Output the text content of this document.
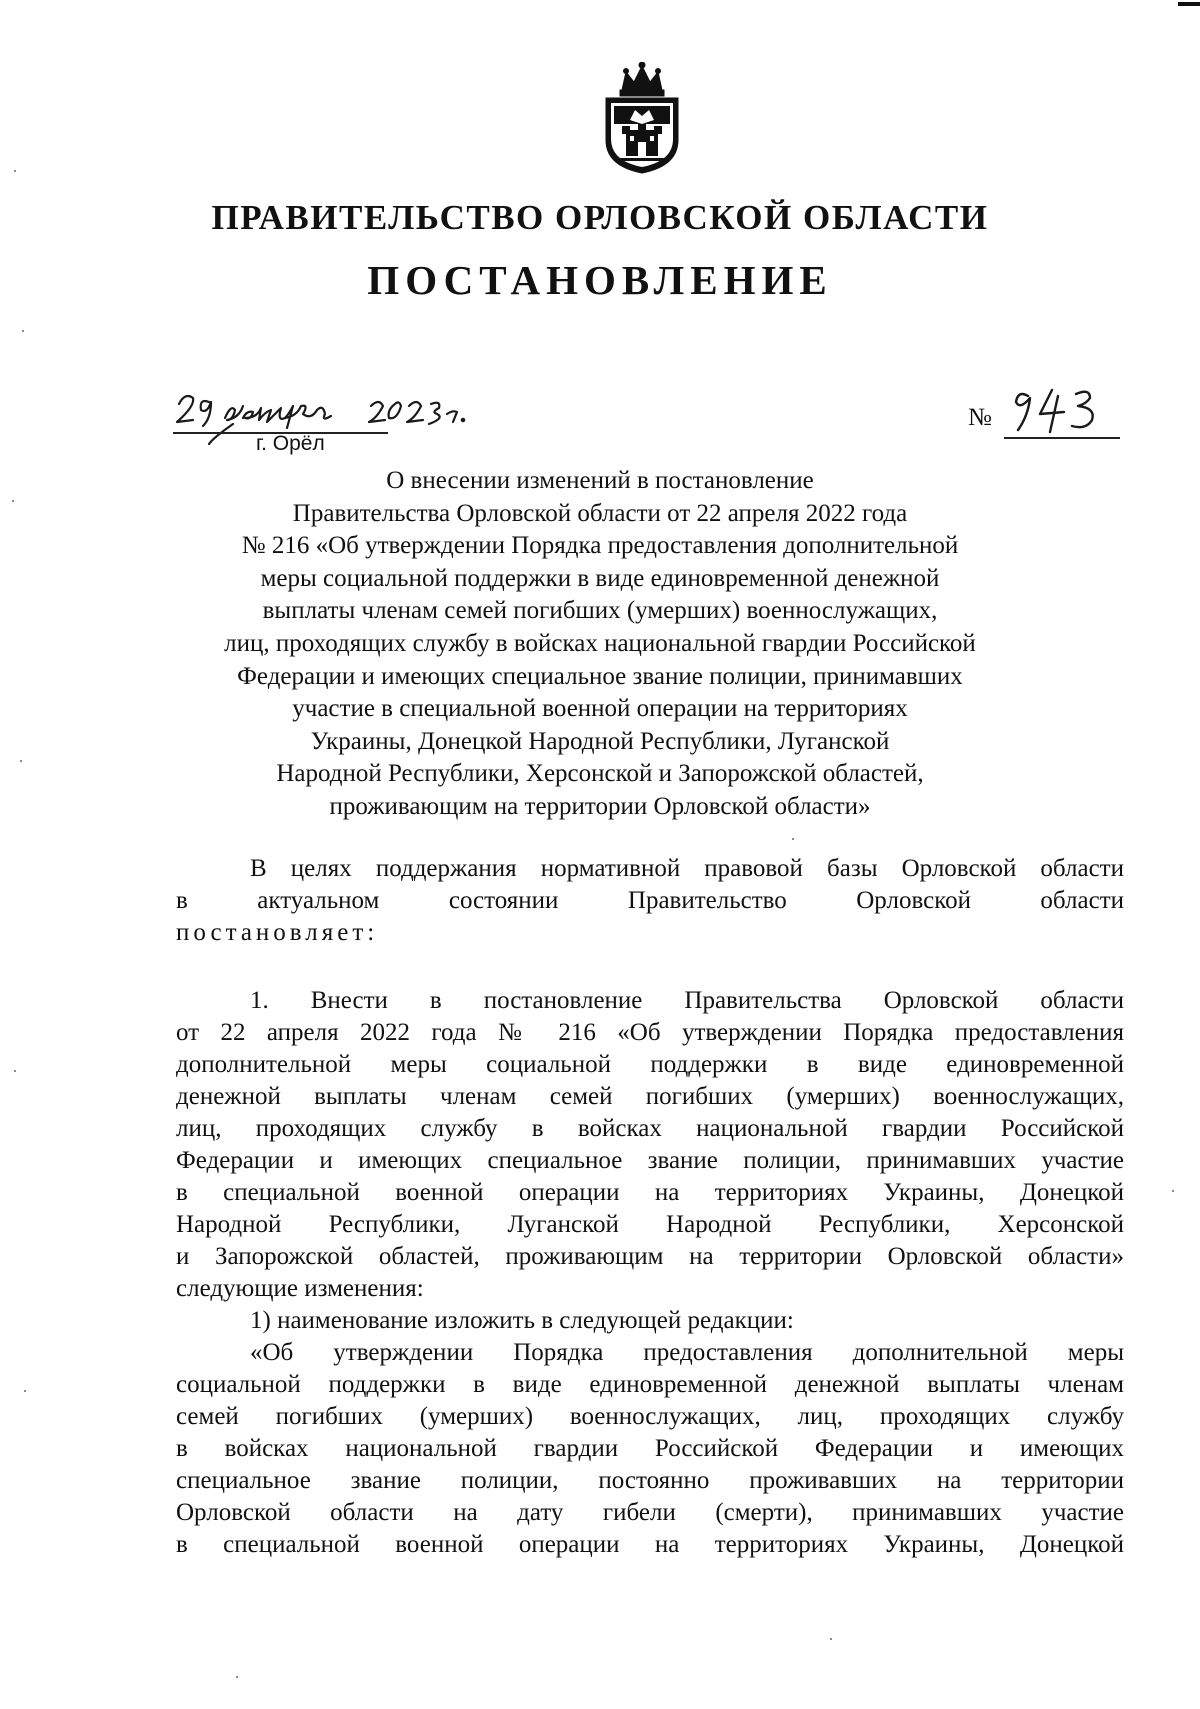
ПРАВИТЕЛЬСТВО ОРЛОВСКОЙ ОБЛАСТИ
ПОСТАНОВЛЕНИЕ
г. Орёл
№
О внесении изменений в постановление
Правительства Орловской области от 22 апреля 2022 года
№ 216 «Об утверждении Порядка предоставления дополнительной
меры социальной поддержки в виде единовременной денежной
выплаты членам семей погибших (умерших) военнослужащих,
лиц, проходящих службу в войсках национальной гвардии Российской
Федерации и имеющих специальное звание полиции, принимавших
участие в специальной военной операции на территориях
Украины, Донецкой Народной Республики, Луганской
Народной Республики, Херсонской и Запорожской областей,
проживающим на территории Орловской области»
В целях поддержания нормативной правовой базы Орловской области
в актуальном состоянии Правительство Орловской области
постановляет:
1. Внести в постановление Правительства Орловской области
от 22 апреля 2022 года № 216 «Об утверждении Порядка предоставления
дополнительной меры социальной поддержки в виде единовременной
денежной выплаты членам семей погибших (умерших) военнослужащих,
лиц, проходящих службу в войсках национальной гвардии Российской
Федерации и имеющих специальное звание полиции, принимавших участие
в специальной военной операции на территориях Украины, Донецкой
Народной Республики, Луганской Народной Республики, Херсонской
и Запорожской областей, проживающим на территории Орловской области»
следующие изменения:
1) наименование изложить в следующей редакции:
«Об утверждении Порядка предоставления дополнительной меры
социальной поддержки в виде единовременной денежной выплаты членам
семей погибших (умерших) военнослужащих, лиц, проходящих службу
в войсках национальной гвардии Российской Федерации и имеющих
специальное звание полиции, постоянно проживавших на территории
Орловской области на дату гибели (смерти), принимавших участие
в специальной военной операции на территориях Украины, Донецкой
